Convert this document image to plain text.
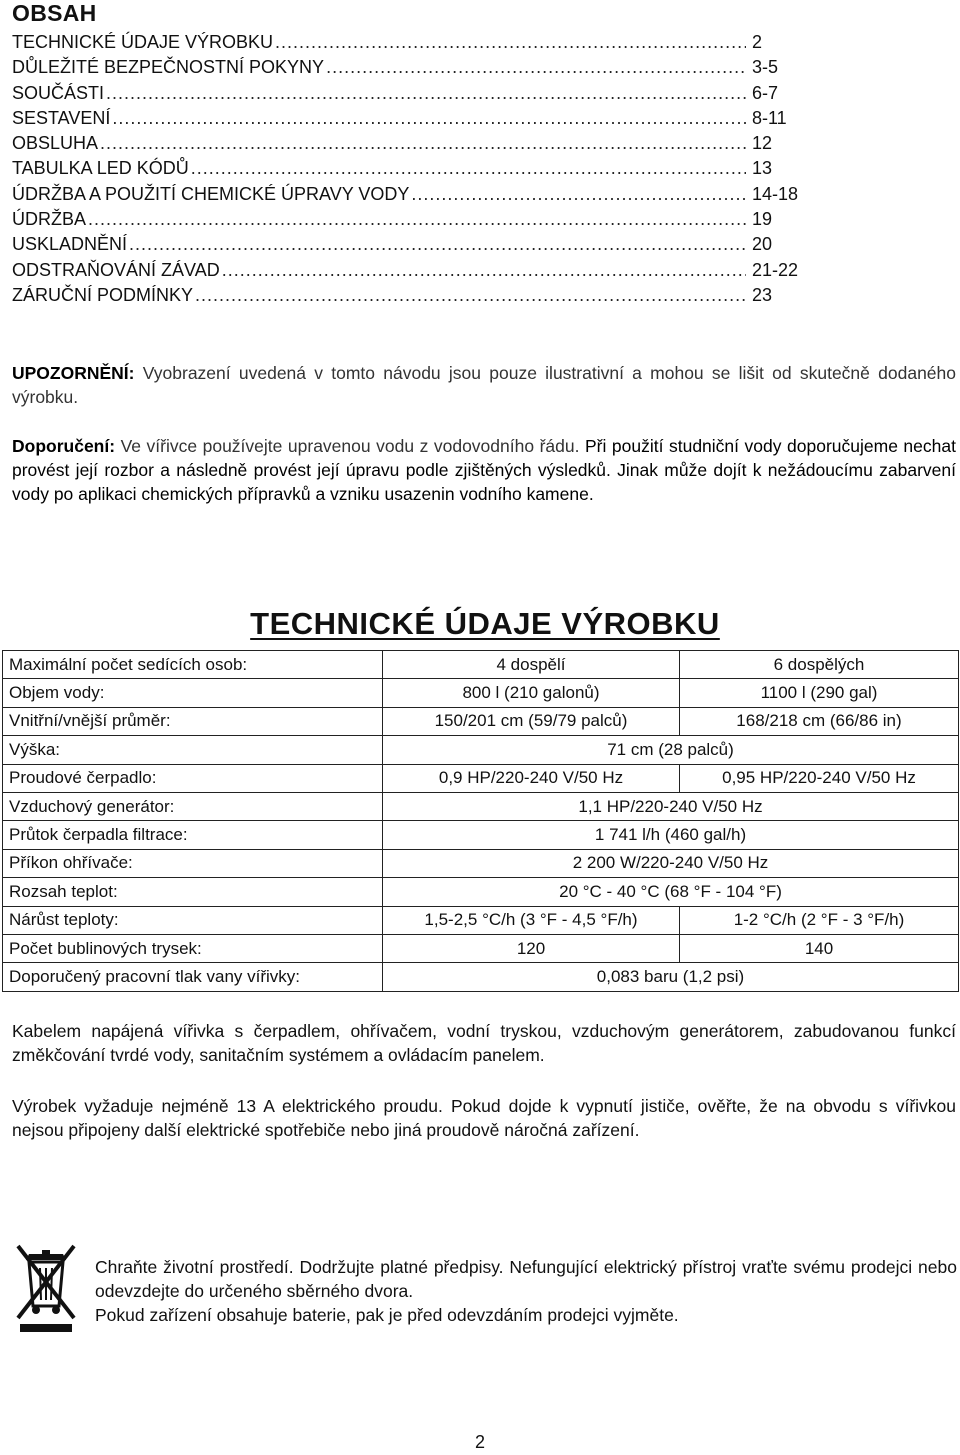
OBSAH
TECHNICKÉ ÚDAJE VÝROBKU .....	2
DŮLEŽITÉ BEZPEČNOSTNÍ POKYNY .....	3-5
SOUČÁSTI .....	6-7
SESTAVENÍ .....	8-11
OBSLUHA .....	12
TABULKA LED KÓDŮ .....	13
ÚDRŽBA A POUŽITÍ CHEMICKÉ ÚPRAVY VODY .....	14-18
ÚDRŽBA .....	19
USKLADNĚNÍ .....	20
ODSTRAŇOVÁNÍ ZÁVAD .....	21-22
ZÁRUČNÍ PODMÍNKY .....	23
UPOZORNĚNÍ: Vyobrazení uvedená v tomto návodu jsou pouze ilustrativní a mohou se lišit od skutečně dodaného výrobku.
Doporučení: Ve vířivce používejte upravenou vodu z vodovodního řádu. Při použití studniční vody doporučujeme nechat provést její rozbor a následně provést její úpravu podle zjištěných výsledků. Jinak může dojít k nežádoucímu zabarvení vody po aplikaci chemických přípravků a vzniku usazenin vodního kamene.
TECHNICKÉ ÚDAJE VÝROBKU
Maximální počet sedících osob:	4 dospělí	6 dospělých
Objem vody:	800 l (210 galonů)	1100 l (290 gal)
Vnitřní/vnější průměr:	150/201 cm (59/79 palců)	168/218 cm (66/86 in)
Výška:	71 cm (28 palců)	
Proudové čerpadlo:	0,9 HP/220-240 V/50 Hz	0,95 HP/220-240 V/50 Hz
Vzduchový generátor:	1,1 HP/220-240 V/50 Hz	
Průtok čerpadla filtrace:	1 741 l/h (460 gal/h)	
Příkon ohřívače:	2 200 W/220-240 V/50 Hz	
Rozsah teplot:	20 °C - 40 °C (68 °F - 104 °F)	
Nárůst teploty:	1,5-2,5 °C/h (3 °F - 4,5 °F/h)	1-2 °C/h (2 °F - 3 °F/h)
Počet bublinových trysek:	120	140
Doporučený pracovní tlak vany vířivky:	0,083 baru (1,2 psi)	
Kabelem napájená vířivka s čerpadlem, ohřívačem, vodní tryskou, vzduchovým generátorem, zabudovanou funkcí změkčování tvrdé vody, sanitačním systémem a ovládacím panelem.
Výrobek vyžaduje nejméně 13 A elektrického proudu. Pokud dojde k vypnutí jističe, ověřte, že na obvodu s vířivkou nejsou připojeny další elektrické spotřebiče nebo jiná proudově náročná zařízení.

Chraňte životní prostředí. Dodržujte platné předpisy. Nefungující elektrický přístroj vraťte svému prodejci nebo odevzdejte do určeného sběrného dvora.

Pokud zařízení obsahuje baterie, pak je před odevzdáním prodejci vyjměte.

2
